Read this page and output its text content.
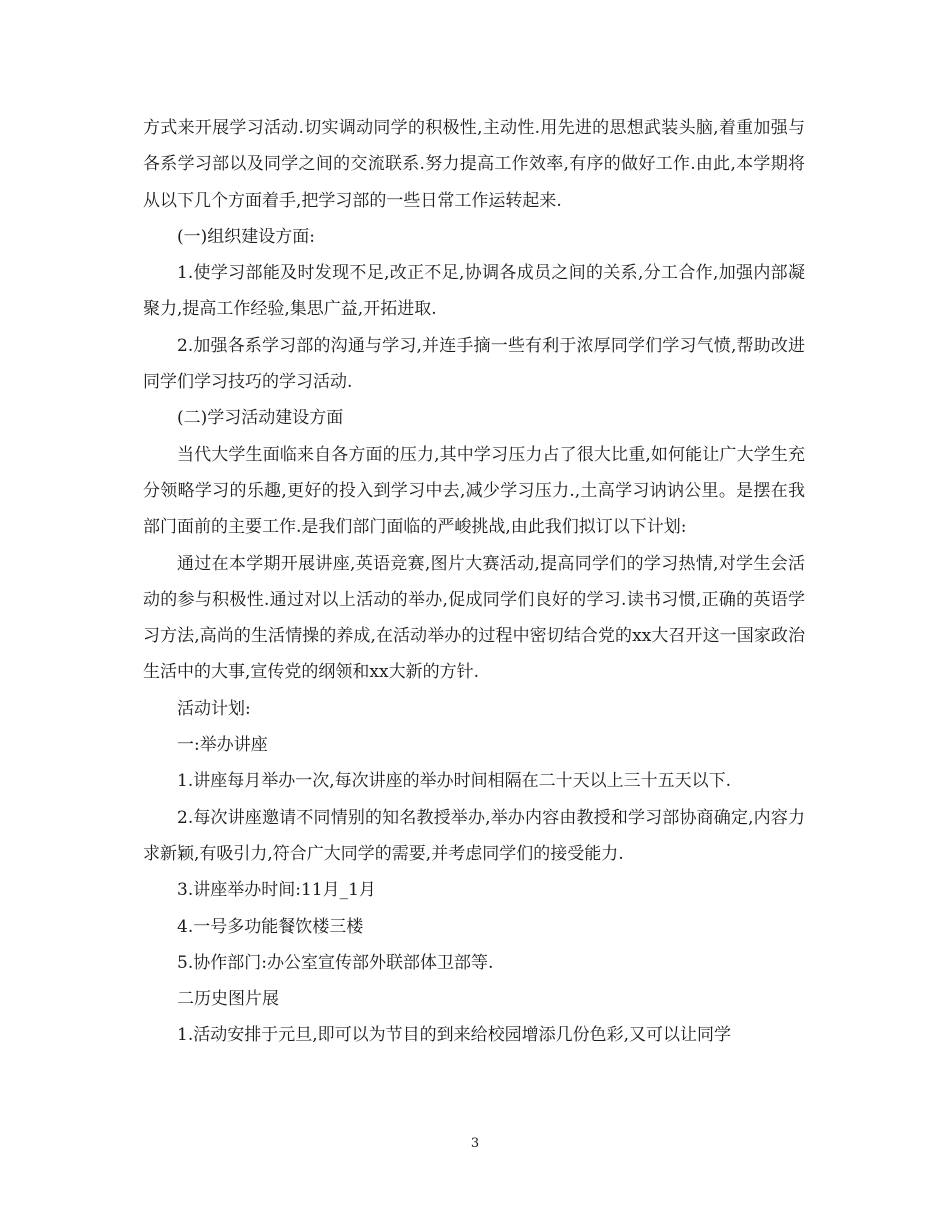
方式来开展学习活动.切实调动同学的积极性,主动性.用先进的思想武装头脑,着重加强与各系学习部以及同学之间的交流联系.努力提高工作效率,有序的做好工作.由此,本学期将从以下几个方面着手,把学习部的一些日常工作运转起来.

(一)组织建设方面:

1.使学习部能及时发现不足,改正不足,协调各成员之间的关系,分工合作,加强内部凝聚力,提高工作经验,集思广益,开拓进取.

2.加强各系学习部的沟通与学习,并连手摘一些有利于浓厚同学们学习气愤,帮助改进同学们学习技巧的学习活动.

(二)学习活动建设方面

当代大学生面临来自各方面的压力,其中学习压力占了很大比重,如何能让广大学生充分领略学习的乐趣,更好的投入到学习中去,减少学习压力.,土高学习讷讷公里。是摆在我部门面前的主要工作.是我们部门面临的严峻挑战,由此我们拟订以下计划:

通过在本学期开展讲座,英语竞赛,图片大赛活动,提高同学们的学习热情,对学生会活动的参与积极性.通过对以上活动的举办,促成同学们良好的学习.读书习惯,正确的英语学习方法,高尚的生活情操的养成,在活动举办的过程中密切结合党的xx大召开这一国家政治生活中的大事,宣传党的纲领和xx大新的方针.

活动计划:

一:举办讲座

1.讲座每月举办一次,每次讲座的举办时间相隔在二十天以上三十五天以下.

2.每次讲座邀请不同情别的知名教授举办,举办内容由教授和学习部协商确定,内容力求新颖,有吸引力,符合广大同学的需要,并考虑同学们的接受能力.

3.讲座举办时间:11月_1月

4.一号多功能餐饮楼三楼

5.协作部门:办公室宣传部外联部体卫部等.

二历史图片展

1.活动安排于元旦,即可以为节目的到来给校园增添几份色彩,又可以让同学

3
